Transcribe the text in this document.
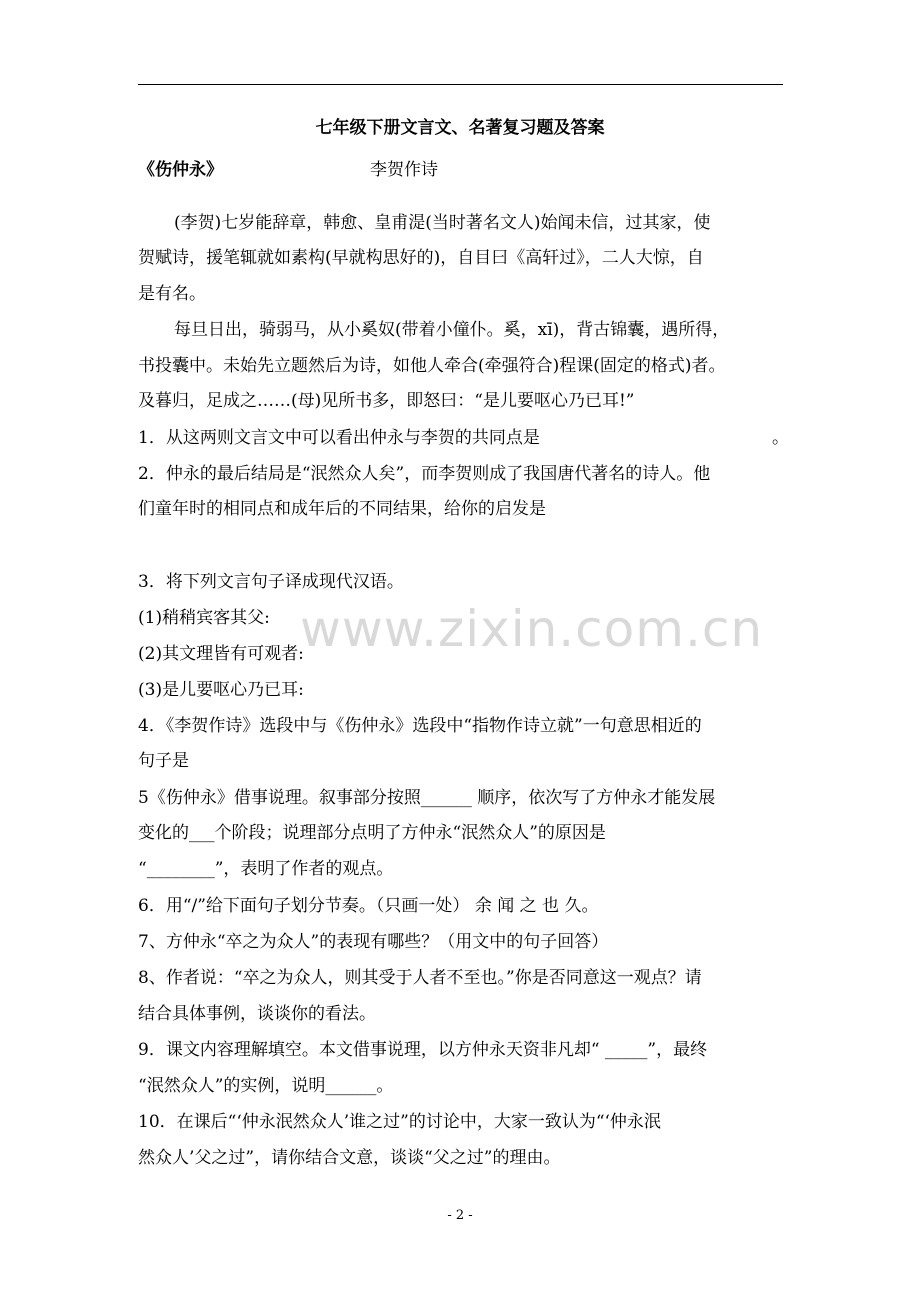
七年级下册文言文、名著复习题及答案
《伤仲永》	李贺作诗
(李贺)七岁能辞章，韩愈、皇甫湜(当时著名文人)始闻未信，过其家，使
贺赋诗，援笔辄就如素构(早就构思好的)，自目曰《高轩过》，二人大惊，自
是有名。
每旦日出，骑弱马，从小奚奴(带着小僮仆。奚，xī)，背古锦囊，遇所得，
书投囊中。未始先立题然后为诗，如他人牵合(牵强符合)程课(固定的格式)者。
及暮归，足成之……(母)见所书多，即怒曰：“是儿要呕心乃已耳!”
1．从这两则文言文中可以看出仲永与李贺的共同点是	。
2．仲永的最后结局是“泯然众人矣”，而李贺则成了我国唐代著名的诗人。他
们童年时的相同点和成年后的不同结果，给你的启发是
3．将下列文言句子译成现代汉语。
(1)稍稍宾客其父:
(2)其文理皆有可观者:
(3)是儿要呕心乃已耳:
4．《李贺作诗》选段中与《伤仲永》选段中“指物作诗立就”一句意思相近的
句子是
5《伤仲永》借事说理。叙事部分按照______ 顺序，依次写了方仲永才能发展
变化的___个阶段；说理部分点明了方仲永“泯然众人”的原因是
“________”，表明了作者的观点。
6．用“/”给下面句子划分节奏。（只画一处） 余 闻 之 也 久。
7、方仲永“卒之为众人”的表现有哪些？（用文中的句子回答）
8、作者说：“卒之为众人，则其受于人者不至也。”你是否同意这一观点？请
结合具体事例，谈谈你的看法。
9．课文内容理解填空。本文借事说理，以方仲永天资非凡却“ _____”，最终
“泯然众人”的实例，说明______。
10．在课后“‘仲永泯然众人’谁之过”的讨论中，大家一致认为“‘仲永泯
然众人’父之过”，请你结合文意，谈谈“父之过”的理由。
www.zixin.com.cn
- 2 -
